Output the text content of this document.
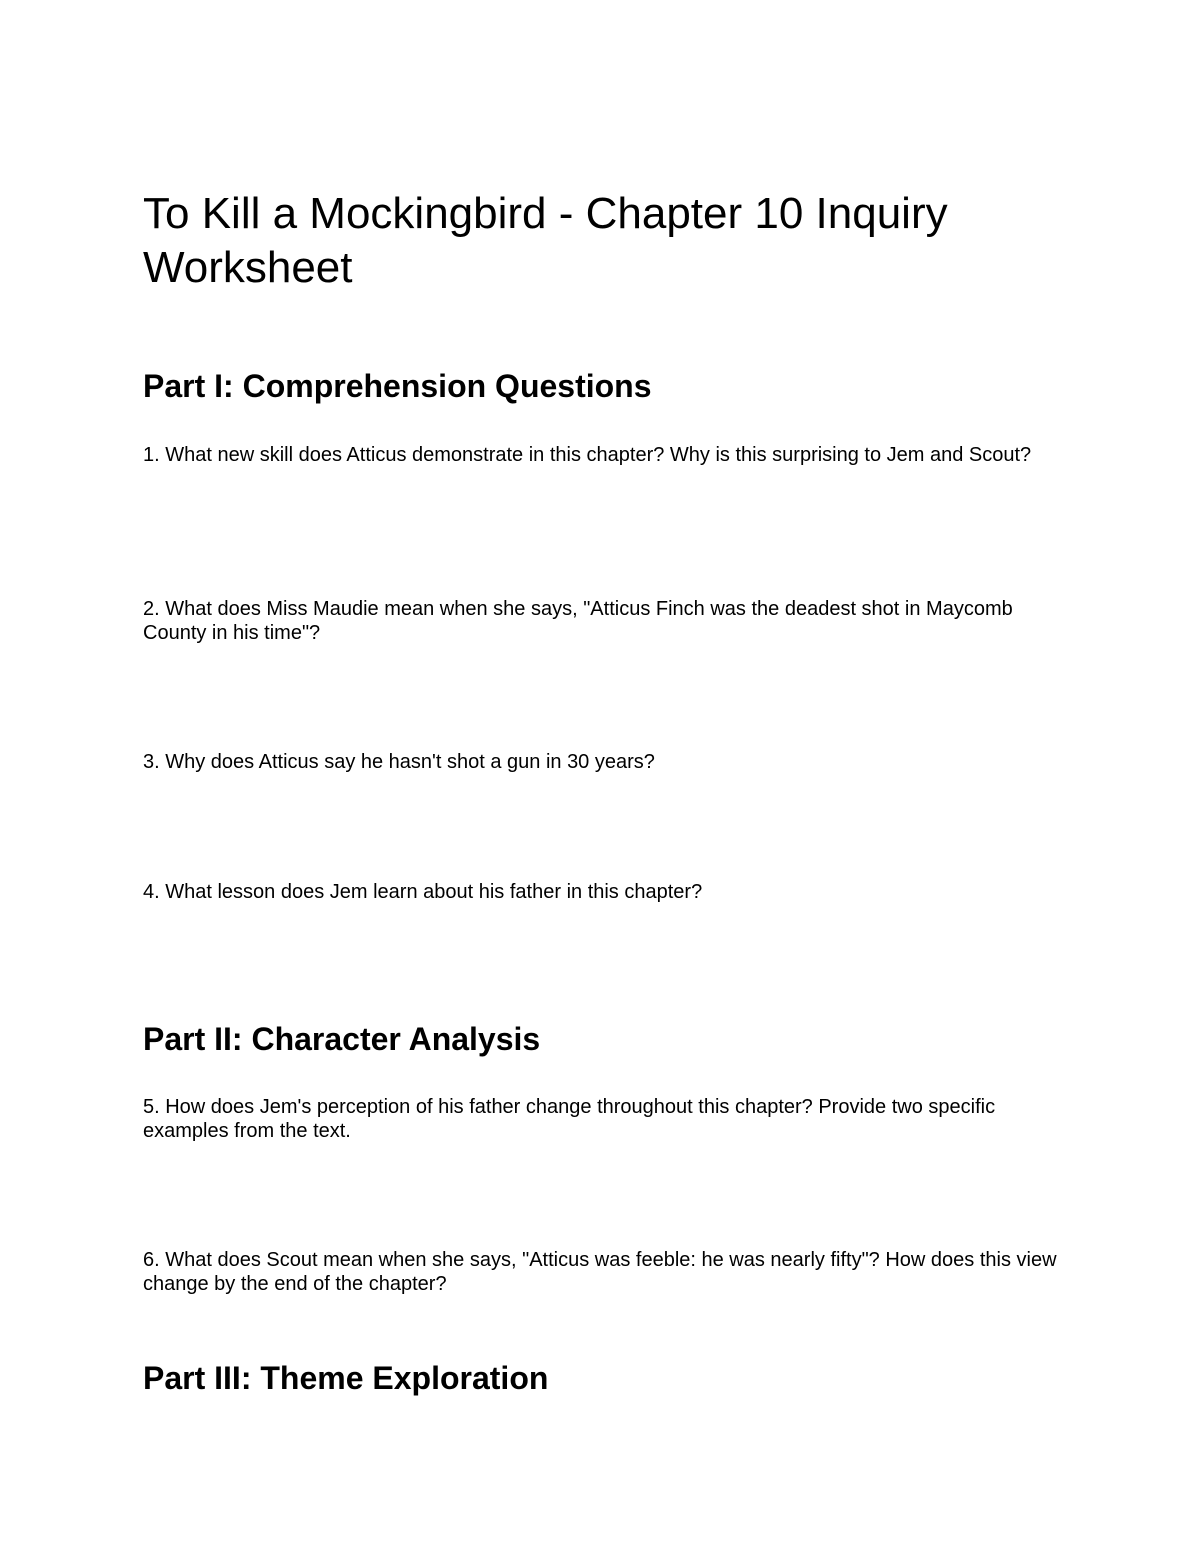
To Kill a Mockingbird - Chapter 10 Inquiry Worksheet
Part I: Comprehension Questions

1. What new skill does Atticus demonstrate in this chapter? Why is this surprising to Jem and Scout?

2. What does Miss Maudie mean when she says, "Atticus Finch was the deadest shot in Maycomb County in his time"?

3. Why does Atticus say he hasn't shot a gun in 30 years?

4. What lesson does Jem learn about his father in this chapter?

Part II: Character Analysis

5. How does Jem's perception of his father change throughout this chapter? Provide two specific examples from the text.

6. What does Scout mean when she says, "Atticus was feeble: he was nearly fifty"? How does this view change by the end of the chapter?

Part III: Theme Exploration
